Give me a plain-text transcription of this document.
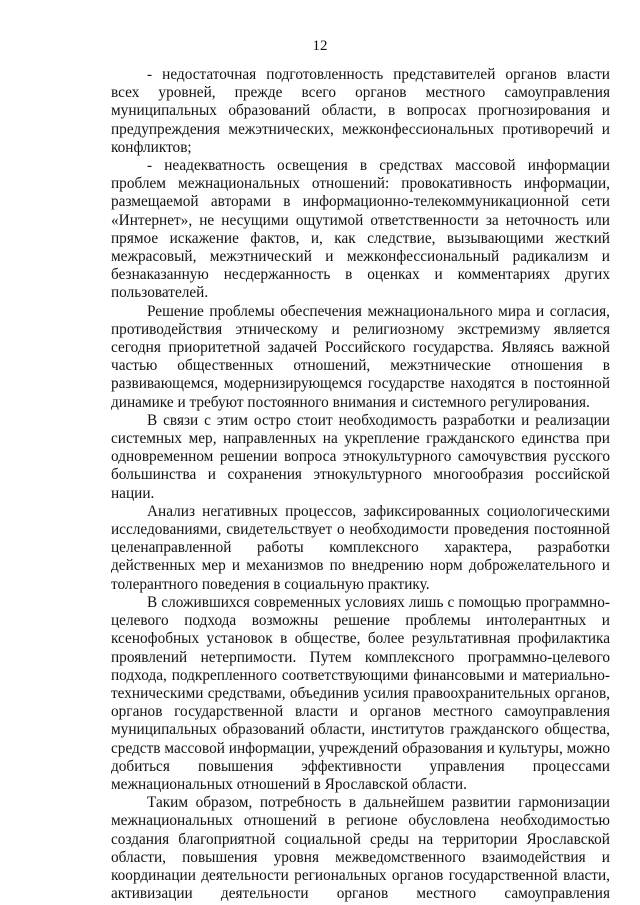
12

- недостаточная подготовленность представителей органов власти всех уровней, прежде всего органов местного самоуправления муниципальных образований области, в вопросах прогнозирования и предупреждения межэтнических, межконфессиональных противоречий и конфликтов;

- неадекватность освещения в средствах массовой информации проблем межнациональных отношений: провокативность информации, размещаемой авторами в информационно-телекоммуникационной сети «Интернет», не несущими ощутимой ответственности за неточность или прямое искажение фактов, и, как следствие, вызывающими жесткий межрасовый, межэтнический и межконфессиональный радикализм и безнаказанную несдержанность в оценках и комментариях других пользователей.

Решение проблемы обеспечения межнационального мира и согласия, противодействия этническому и религиозному экстремизму является сегодня приоритетной задачей Российского государства. Являясь важной частью общественных отношений, межэтнические отношения в развивающемся, модернизирующемся государстве находятся в постоянной динамике и требуют постоянного внимания и системного регулирования.

В связи с этим остро стоит необходимость разработки и реализации системных мер, направленных на укрепление гражданского единства при одновременном решении вопроса этнокультурного самочувствия русского большинства и сохранения этнокультурного многообразия российской нации.

Анализ негативных процессов, зафиксированных социологическими исследованиями, свидетельствует о необходимости проведения постоянной целенаправленной работы комплексного характера, разработки действенных мер и механизмов по внедрению норм доброжелательного и толерантного поведения в социальную практику.

В сложившихся современных условиях лишь с помощью программно-целевого подхода возможны решение проблемы интолерантных и ксенофобных установок в обществе, более результативная профилактика проявлений нетерпимости. Путем комплексного программно-целевого подхода, подкрепленного соответствующими финансовыми и материально-техническими средствами, объединив усилия правоохранительных органов, органов государственной власти и органов местного самоуправления муниципальных образований области, институтов гражданского общества, средств массовой информации, учреждений образования и культуры, можно добиться повышения эффективности управления процессами межнациональных отношений в Ярославской области.

Таким образом, потребность в дальнейшем развитии гармонизации межнациональных отношений в регионе обусловлена необходимостью создания благоприятной социальной среды на территории Ярославской области, повышения уровня межведомственного взаимодействия и координации деятельности региональных органов государственной власти, активизации деятельности органов местного самоуправления
